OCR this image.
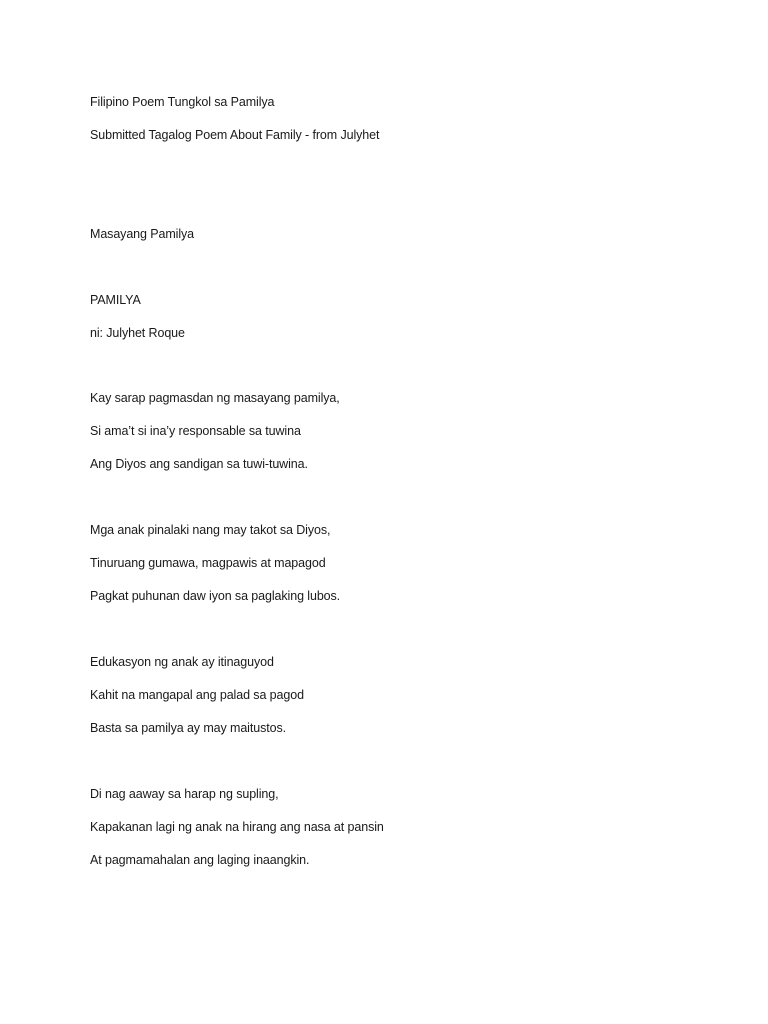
Filipino Poem Tungkol sa Pamilya
Submitted Tagalog Poem About Family - from Julyhet
Masayang Pamilya
PAMILYA
ni: Julyhet Roque
Kay sarap pagmasdan ng masayang pamilya,
Si ama’t si ina’y responsable sa tuwina
Ang Diyos ang sandigan sa tuwi-tuwina.
Mga anak pinalaki nang may takot sa Diyos,
Tinuruang gumawa, magpawis at mapagod
Pagkat puhunan daw iyon sa paglaking lubos.
Edukasyon ng anak ay itinaguyod
Kahit na mangapal ang palad sa pagod
Basta sa pamilya ay may maitustos.
Di nag aaway sa harap ng supling,
Kapakanan lagi ng anak na hirang ang nasa at pansin
At pagmamahalan ang laging inaangkin.
